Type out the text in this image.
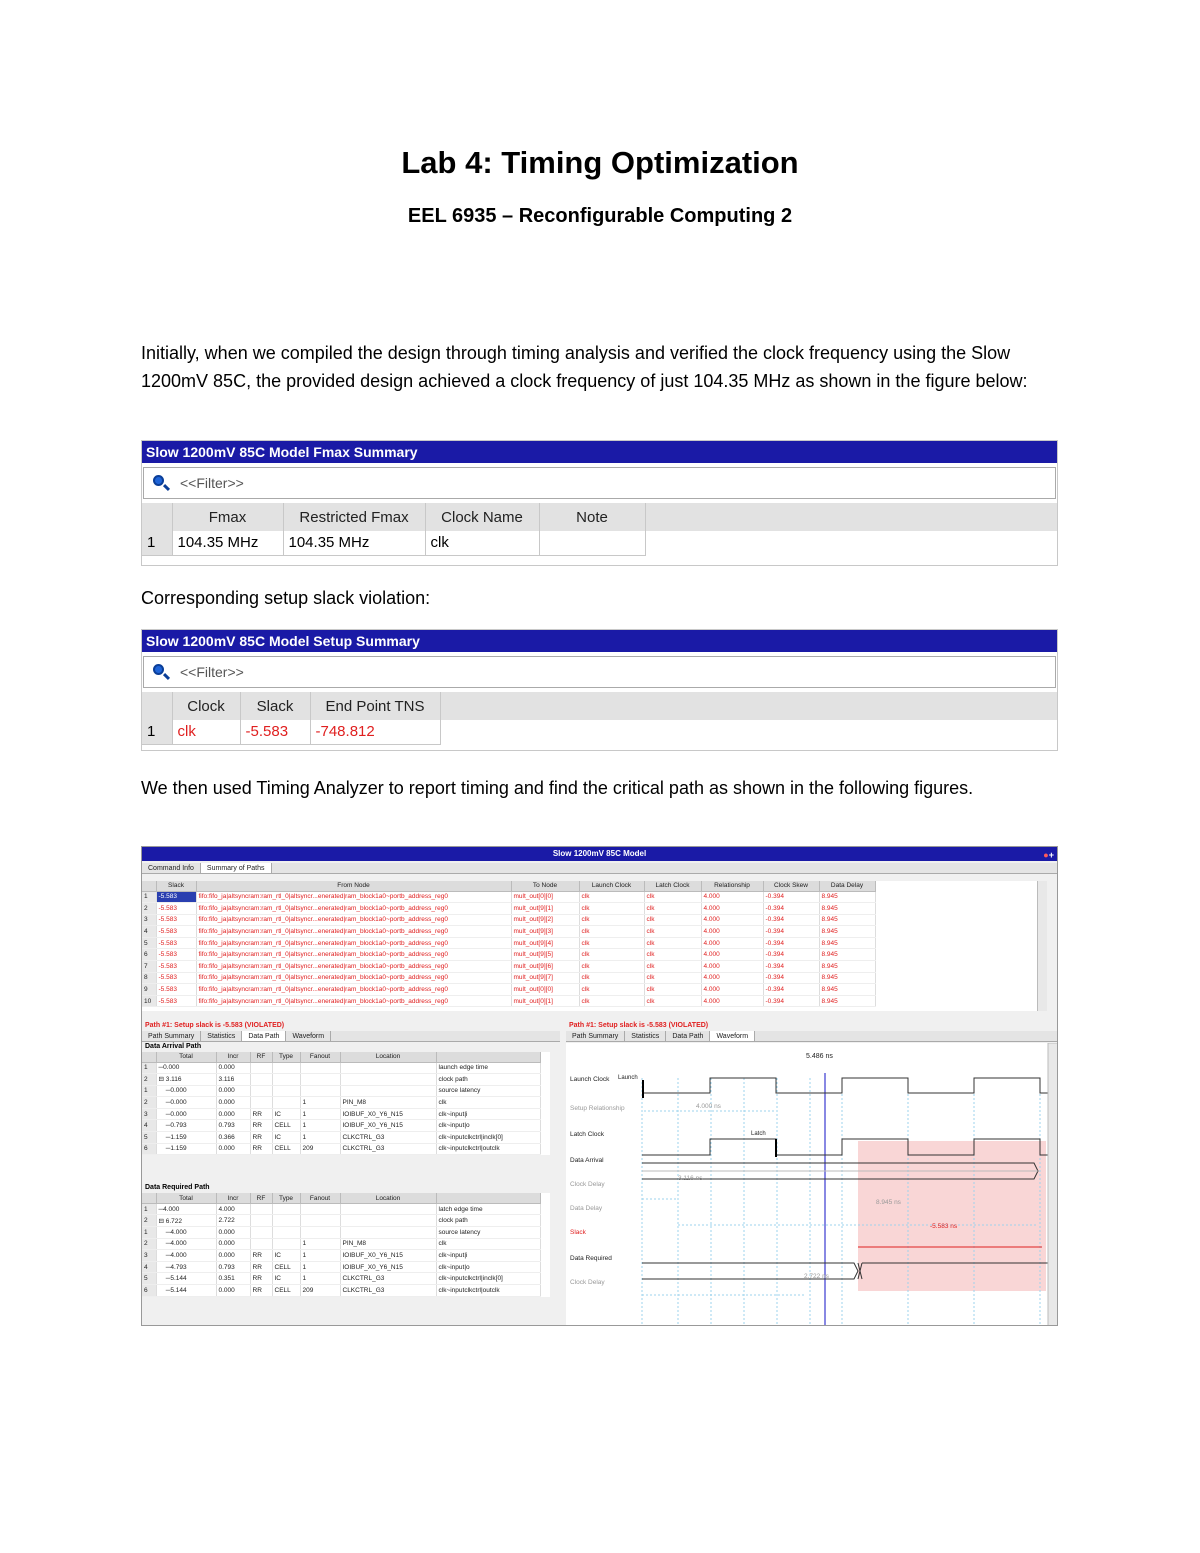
Lab 4: Timing Optimization
EEL 6935 – Reconfigurable Computing 2

Initially, when we compiled the design through timing analysis and verified the clock frequency using the Slow 1200mV 85C, the provided design achieved a clock frequency of just 104.35 MHz as shown in the figure below:

Slow 1200mV 85C Model Fmax Summary
<<Filter>>
	Fmax	Restricted Fmax	Clock Name	Note	
1	104.35 MHz	104.35 MHz	clk		

Corresponding setup slack violation:

Slow 1200mV 85C Model Setup Summary
<<Filter>>
	Clock	Slack	End Point TNS	
1	clk	-5.583	-748.812	

We then used Timing Analyzer to report timing and find the critical path as shown in the following figures.

Slow 1200mV 85C Model	●+
Command Info	Summary of Paths
	Slack	From Node	To Node	Launch Clock	Latch Clock	Relationship	Clock Skew	Data Delay
1	-5.583	fifo:fifo_ja|altsyncram:ram_rtl_0|altsyncr...enerated|ram_block1a0~portb_address_reg0	mult_out[0][0]	clk	clk	4.000	-0.394	8.945
2	-5.583	fifo:fifo_ja|altsyncram:ram_rtl_0|altsyncr...enerated|ram_block1a0~portb_address_reg0	mult_out[9][1]	clk	clk	4.000	-0.394	8.945
3	-5.583	fifo:fifo_ja|altsyncram:ram_rtl_0|altsyncr...enerated|ram_block1a0~portb_address_reg0	mult_out[9][2]	clk	clk	4.000	-0.394	8.945
4	-5.583	fifo:fifo_ja|altsyncram:ram_rtl_0|altsyncr...enerated|ram_block1a0~portb_address_reg0	mult_out[9][3]	clk	clk	4.000	-0.394	8.945
5	-5.583	fifo:fifo_ja|altsyncram:ram_rtl_0|altsyncr...enerated|ram_block1a0~portb_address_reg0	mult_out[9][4]	clk	clk	4.000	-0.394	8.945
6	-5.583	fifo:fifo_ja|altsyncram:ram_rtl_0|altsyncr...enerated|ram_block1a0~portb_address_reg0	mult_out[9][5]	clk	clk	4.000	-0.394	8.945
7	-5.583	fifo:fifo_ja|altsyncram:ram_rtl_0|altsyncr...enerated|ram_block1a0~portb_address_reg0	mult_out[9][6]	clk	clk	4.000	-0.394	8.945
8	-5.583	fifo:fifo_ja|altsyncram:ram_rtl_0|altsyncr...enerated|ram_block1a0~portb_address_reg0	mult_out[9][7]	clk	clk	4.000	-0.394	8.945
9	-5.583	fifo:fifo_ja|altsyncram:ram_rtl_0|altsyncr...enerated|ram_block1a0~portb_address_reg0	mult_out[0][0]	clk	clk	4.000	-0.394	8.945
10	-5.583	fifo:fifo_ja|altsyncram:ram_rtl_0|altsyncr...enerated|ram_block1a0~portb_address_reg0	mult_out[0][1]	clk	clk	4.000	-0.394	8.945
Path #1: Setup slack is -5.583 (VIOLATED)
Path Summary	Statistics	Data Path	Waveform
Data Arrival Path
	Total	Incr	RF	Type	Fanout	Location	
1	─0.000	0.000					launch edge time
2	⊟ 3.116	3.116					clock path
1	─0.000	0.000					source latency
2	─0.000	0.000			1	PIN_M8	clk
3	─0.000	0.000	RR	IC	1	IOIBUF_X0_Y6_N15	clk~input|i
4	─0.793	0.793	RR	CELL	1	IOIBUF_X0_Y6_N15	clk~input|o
5	─1.159	0.366	RR	IC	1	CLKCTRL_G3	clk~inputclkctrl|inclk[0]
6	─1.159	0.000	RR	CELL	209	CLKCTRL_G3	clk~inputclkctrl|outclk
Data Required Path
	Total	Incr	RF	Type	Fanout	Location	
1	─4.000	4.000					latch edge time
2	⊟ 6.722	2.722					clock path
1	─4.000	0.000					source latency
2	─4.000	0.000			1	PIN_M8	clk
3	─4.000	0.000	RR	IC	1	IOIBUF_X0_Y6_N15	clk~input|i
4	─4.793	0.793	RR	CELL	1	IOIBUF_X0_Y6_N15	clk~input|o
5	─5.144	0.351	RR	IC	1	CLKCTRL_G3	clk~inputclkctrl|inclk[0]
6	─5.144	0.000	RR	CELL	209	CLKCTRL_G3	clk~inputclkctrl|outclk
Path #1: Setup slack is -5.583 (VIOLATED)
Path Summary	Statistics	Data Path	Waveform
5.486 ns
Launch Clock Launch
Setup Relationship	4.000 ns
Latch Clock	Latch
Data Arrival
Clock Delay
3.116 ns
Data Delay
8.945 ns
Slack
-5.583 ns
Data Required
Clock Delay
2.722 ns
